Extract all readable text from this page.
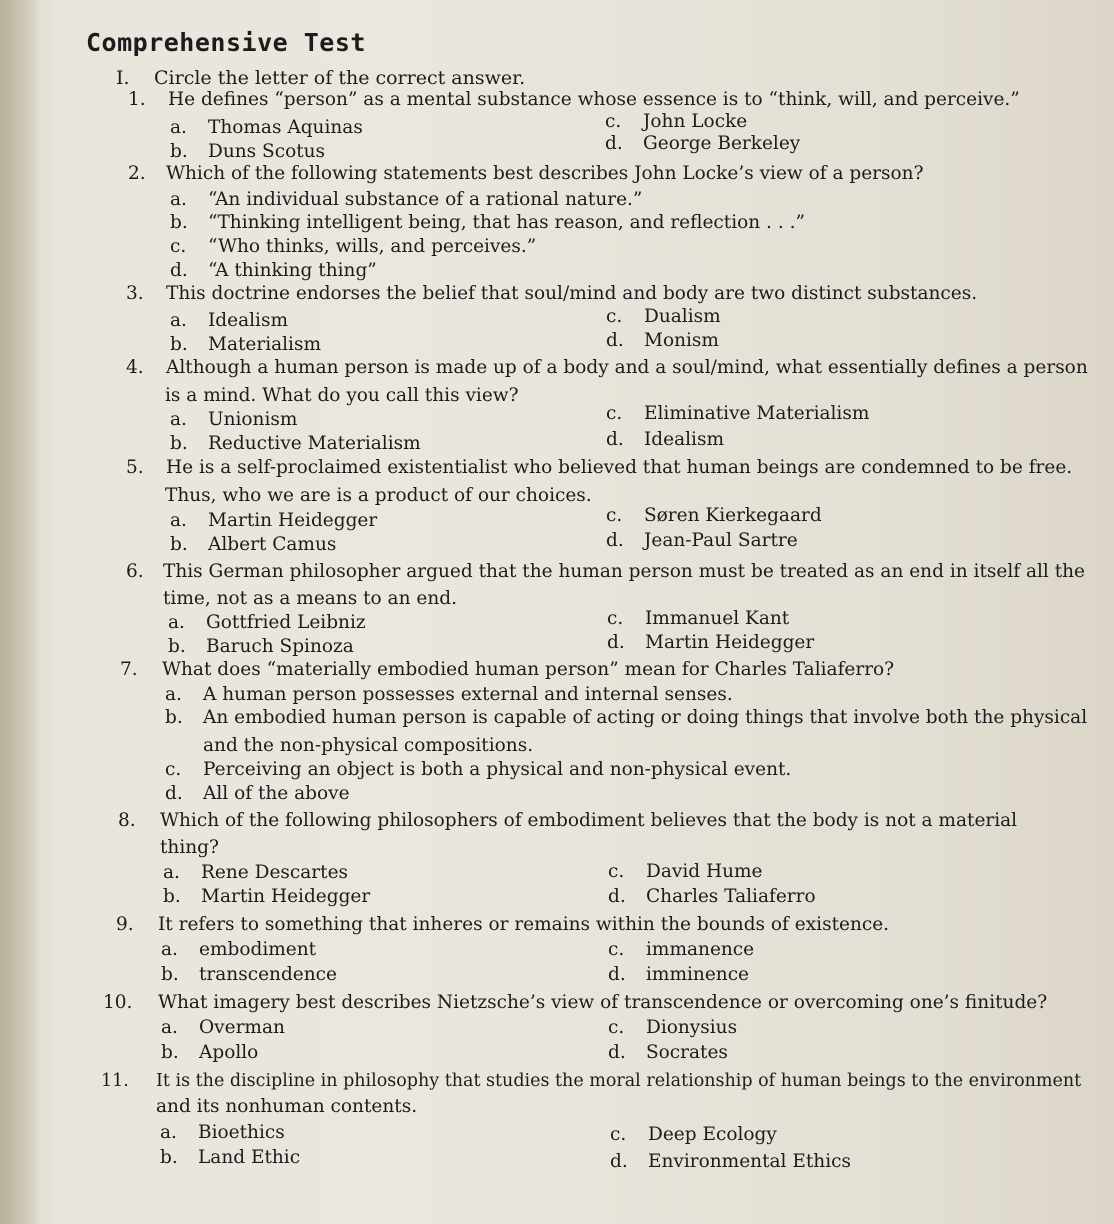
Comprehensive Test
I. Circle the letter of the correct answer.
1. He defines “person” as a mental substance whose essence is to “think, will, and perceive.”
a. Thomas Aquinas
b. Duns Scotus
c. John Locke
d. George Berkeley
2. Which of the following statements best describes John Locke’s view of a person?
a. “An individual substance of a rational nature.”
b. “Thinking intelligent being, that has reason, and reflection . . .”
c. “Who thinks, wills, and perceives.”
d. “A thinking thing”
3. This doctrine endorses the belief that soul/mind and body are two distinct substances.
a. Idealism
b. Materialism
c. Dualism
d. Monism
4. Although a human person is made up of a body and a soul/mind, what essentially defines a person
is a mind. What do you call this view?
a. Unionism
b. Reductive Materialism
c. Eliminative Materialism
d. Idealism
5. He is a self-proclaimed existentialist who believed that human beings are condemned to be free.
Thus, who we are is a product of our choices.
a. Martin Heidegger
b. Albert Camus
c. Søren Kierkegaard
d. Jean-Paul Sartre
6. This German philosopher argued that the human person must be treated as an end in itself all the
time, not as a means to an end.
a. Gottfried Leibniz
b. Baruch Spinoza
c. Immanuel Kant
d. Martin Heidegger
7. What does “materially embodied human person” mean for Charles Taliaferro?
a. A human person possesses external and internal senses.
b. An embodied human person is capable of acting or doing things that involve both the physical
and the non-physical compositions.
c. Perceiving an object is both a physical and non-physical event.
d. All of the above
8. Which of the following philosophers of embodiment believes that the body is not a material
thing?
a. Rene Descartes
b. Martin Heidegger
c. David Hume
d. Charles Taliaferro
9. It refers to something that inheres or remains within the bounds of existence.
a. embodiment
b. transcendence
c. immanence
d. imminence
10. What imagery best describes Nietzsche’s view of transcendence or overcoming one’s finitude?
a. Overman
b. Apollo
c. Dionysius
d. Socrates
11. It is the discipline in philosophy that studies the moral relationship of human beings to the environment
and its nonhuman contents.
a. Bioethics
b. Land Ethic
c. Deep Ecology
d. Environmental Ethics
